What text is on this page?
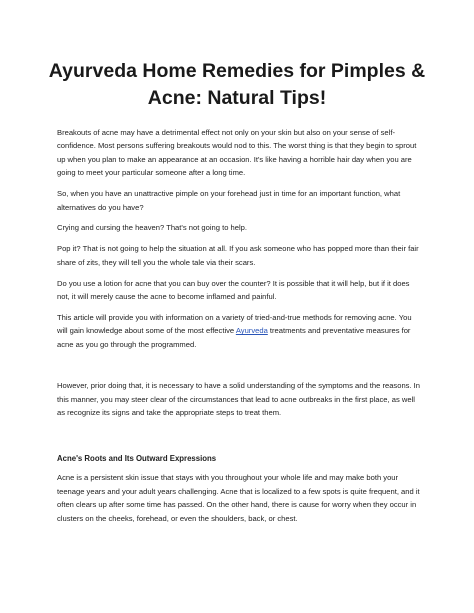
Ayurveda Home Remedies for Pimples & Acne: Natural Tips!

Breakouts of acne may have a detrimental effect not only on your skin but also on your sense of self-confidence. Most persons suffering breakouts would nod to this. The worst thing is that they begin to sprout up when you plan to make an appearance at an occasion. It's like having a horrible hair day when you are going to meet your particular someone after a long time.

So, when you have an unattractive pimple on your forehead just in time for an important function, what alternatives do you have?

Crying and cursing the heaven? That's not going to help.

Pop it? That is not going to help the situation at all. If you ask someone who has popped more than their fair share of zits, they will tell you the whole tale via their scars.

Do you use a lotion for acne that you can buy over the counter? It is possible that it will help, but if it does not, it will merely cause the acne to become inflamed and painful.

This article will provide you with information on a variety of tried-and-true methods for removing acne. You will gain knowledge about some of the most effective Ayurveda treatments and preventative measures for acne as you go through the programmed.

However, prior doing that, it is necessary to have a solid understanding of the symptoms and the reasons. In this manner, you may steer clear of the circumstances that lead to acne outbreaks in the first place, as well as recognize its signs and take the appropriate steps to treat them.

Acne's Roots and Its Outward Expressions

Acne is a persistent skin issue that stays with you throughout your whole life and may make both your teenage years and your adult years challenging. Acne that is localized to a few spots is quite frequent, and it often clears up after some time has passed. On the other hand, there is cause for worry when they occur in clusters on the cheeks, forehead, or even the shoulders, back, or chest.
